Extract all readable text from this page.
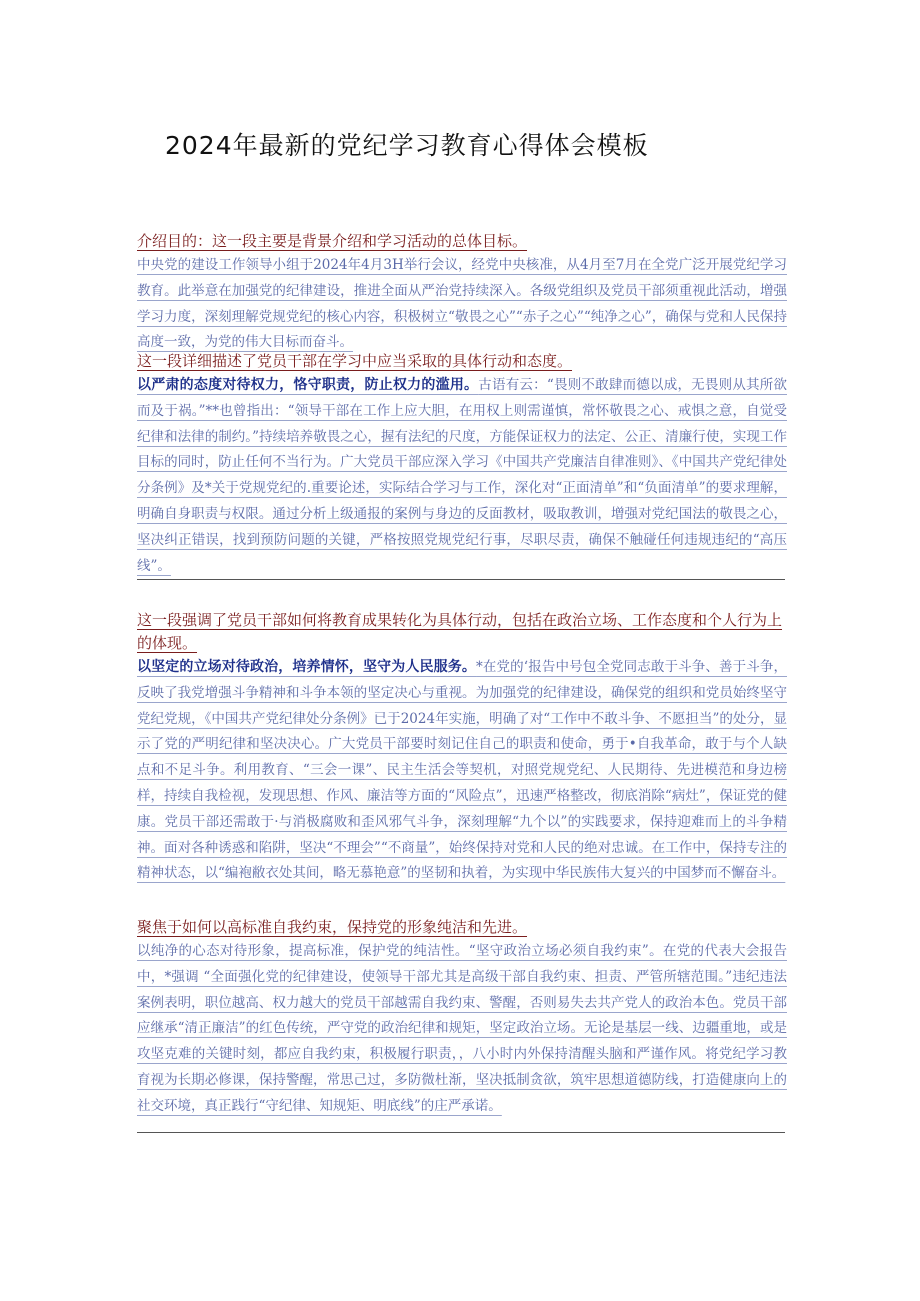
2024年最新的党纪学习教育心得体会模板

介绍目的：这一段主要是背景介绍和学习活动的总体目标。

中央党的建设工作领导小组于2024年4月3H举行会议，经党中央核准，从4月至7月在全党广泛开展党纪学习教育。此举意在加强党的纪律建设，推进全面从严治党持续深入。各级党组织及党员干部须重视此活动，增强学习力度，深刻理解党规党纪的核心内容，积极树立“敬畏之心”“赤子之心”“纯净之心”，确保与党和人民保持高度一致，为党的伟大目标而奋斗。

这一段详细描述了党员干部在学习中应当采取的具体行动和态度。

以严肃的态度对待权力，恪守职责，防止权力的滥用。古语有云：“畏则不敢肆而德以成，无畏则从其所欲而及于祸。”**也曾指出：“领导干部在工作上应大胆，在用权上则需谨慎，常怀敬畏之心、戒惧之意，自觉受纪律和法律的制约。”持续培养敬畏之心，握有法纪的尺度，方能保证权力的法定、公正、清廉行使，实现工作目标的同时，防止任何不当行为。广大党员干部应深入学习《中国共产党廉洁自律准则》、《中国共产党纪律处分条例》及*关于党规党纪的.重要论述，实际结合学习与工作，深化对“正面清单”和“负面清单”的要求理解，明确自身职责与权限。通过分析上级通报的案例与身边的反面教材，吸取教训，增强对党纪国法的敬畏之心，坚决纠正错误，找到预防问题的关键，严格按照党规党纪行事，尽职尽责，确保不触碰任何违规违纪的“高压线”。

这一段强调了党员干部如何将教育成果转化为具体行动，包括在政治立场、工作态度和个人行为上的体现。

以坚定的立场对待政治，培养情怀，坚守为人民服务。*在党的‘报告中号包全党同志敢于斗争、善于斗争，反映了我党增强斗争精神和斗争本领的坚定决心与重视。为加强党的纪律建设，确保党的组织和党员始终坚守党纪党规，《中国共产党纪律处分条例》已于2024年实施，明确了对“工作中不敢斗争、不愿担当”的处分，显示了党的严明纪律和坚决决心。广大党员干部要时刻记住自己的职责和使命，勇于•自我革命，敢于与个人缺点和不足斗争。利用教育、“三会一课”、民主生活会等契机，对照党规党纪、人民期待、先进模范和身边榜样，持续自我检视，发现思想、作风、廉洁等方面的“风险点”，迅速严格整改，彻底消除“病灶”，保证党的健康。党员干部还需敢于·与消极腐败和歪风邪气斗争，深刻理解“九个以”的实践要求，保持迎难而上的斗争精神。面对各种诱惑和陷阱，坚决“不理会”“不商量”，始终保持对党和人民的绝对忠诚。在工作中，保持专注的精神状态，以“编袍敝衣处其间，略无慕艳意”的坚韧和执着，为实现中华民族伟大复兴的中国梦而不懈奋斗。

聚焦于如何以高标准自我约束，保持党的形象纯洁和先进。

以纯净的心态对待形象，提高标准，保护党的纯洁性。“坚守政治立场必须自我约束”。在党的代表大会报告中，*强调 “全面强化党的纪律建设，使领导干部尤其是高级干部自我约束、担责、严管所辖范围。”违纪违法案例表明，职位越高、权力越大的党员干部越需自我约束、警醒，否则易失去共产党人的政治本色。党员干部应继承“清正廉洁”的红色传统，严守党的政治纪律和规矩，坚定政治立场。无论是基层一线、边疆重地，或是攻坚克难的关键时刻，都应自我约束，积极履行职责，，八小时内外保持清醒头脑和严谨作风。将党纪学习教育视为长期必修课，保持警醒，常思己过，多防微杜渐，坚决抵制贪欲，筑牢思想道德防线，打造健康向上的社交环境，真正践行“守纪律、知规矩、明底线”的庄严承诺。
